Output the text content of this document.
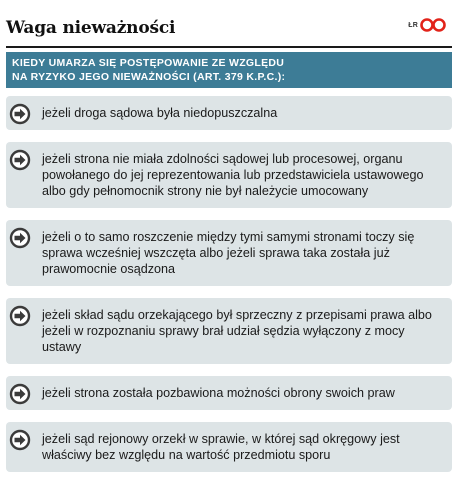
Waga nieważności	ŁR
KIEDY UMARZA SIĘ POSTĘPOWANIE ZE WZGLĘDU
NA RYZYKO JEGO NIEWAŻNOŚCI (ART. 379 K.P.C.):
jeżeli droga sądowa była niedopuszczalna
jeżeli strona nie miała zdolności sądowej lub procesowej, organu powołanego do jej reprezentowania lub przedstawiciela ustawowego albo gdy pełnomocnik strony nie był należycie umocowany
jeżeli o to samo roszczenie między tymi samymi stronami toczy się sprawa wcześniej wszczęta albo jeżeli sprawa taka została już prawomocnie osądzona
jeżeli skład sądu orzekającego był sprzeczny z przepisami prawa albo jeżeli w rozpoznaniu sprawy brał udział sędzia wyłączony z mocy ustawy
jeżeli strona została pozbawiona możności obrony swoich praw
jeżeli sąd rejonowy orzekł w sprawie, w której sąd okręgowy jest właściwy bez względu na wartość przedmiotu sporu
